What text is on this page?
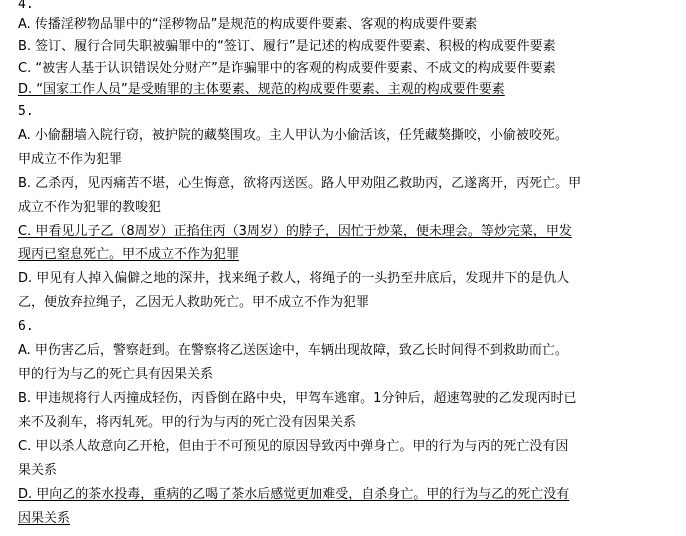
4.
A. 传播淫秽物品罪中的“淫秽物品”是规范的构成要件要素、客观的构成要件要素
B. 签订、履行合同失职被骗罪中的“签订、履行”是记述的构成要件要素、积极的构成要件要素
C. “被害人基于认识错误处分财产”是诈骗罪中的客观的构成要件要素、不成文的构成要件要素
D. “国家工作人员”是受贿罪的主体要素、规范的构成要件要素、主观的构成要件要素
5.
A. 小偷翻墙入院行窃，被护院的藏獒围攻。主人甲认为小偷活该，任凭藏獒撕咬，小偷被咬死。
甲成立不作为犯罪
B. 乙杀丙，见丙痛苦不堪，心生悔意，欲将丙送医。路人甲劝阻乙救助丙，乙遂离开，丙死亡。甲
成立不作为犯罪的教唆犯
C. 甲看见儿子乙（8周岁）正掐住丙（3周岁）的脖子，因忙于炒菜，便未理会。等炒完菜，甲发
现丙已窒息死亡。甲不成立不作为犯罪
D. 甲见有人掉入偏僻之地的深井，找来绳子救人，将绳子的一头扔至井底后，发现井下的是仇人
乙，便放弃拉绳子，乙因无人救助死亡。甲不成立不作为犯罪
6.
A. 甲伤害乙后，警察赶到。在警察将乙送医途中，车辆出现故障，致乙长时间得不到救助而亡。
甲的行为与乙的死亡具有因果关系
B. 甲违规将行人丙撞成轻伤，丙昏倒在路中央，甲驾车逃窜。1分钟后，超速驾驶的乙发现丙时已
来不及刹车，将丙轧死。甲的行为与丙的死亡没有因果关系
C. 甲以杀人故意向乙开枪，但由于不可预见的原因导致丙中弹身亡。甲的行为与丙的死亡没有因
果关系
D. 甲向乙的茶水投毒，重病的乙喝了茶水后感觉更加难受，自杀身亡。甲的行为与乙的死亡没有
因果关系
